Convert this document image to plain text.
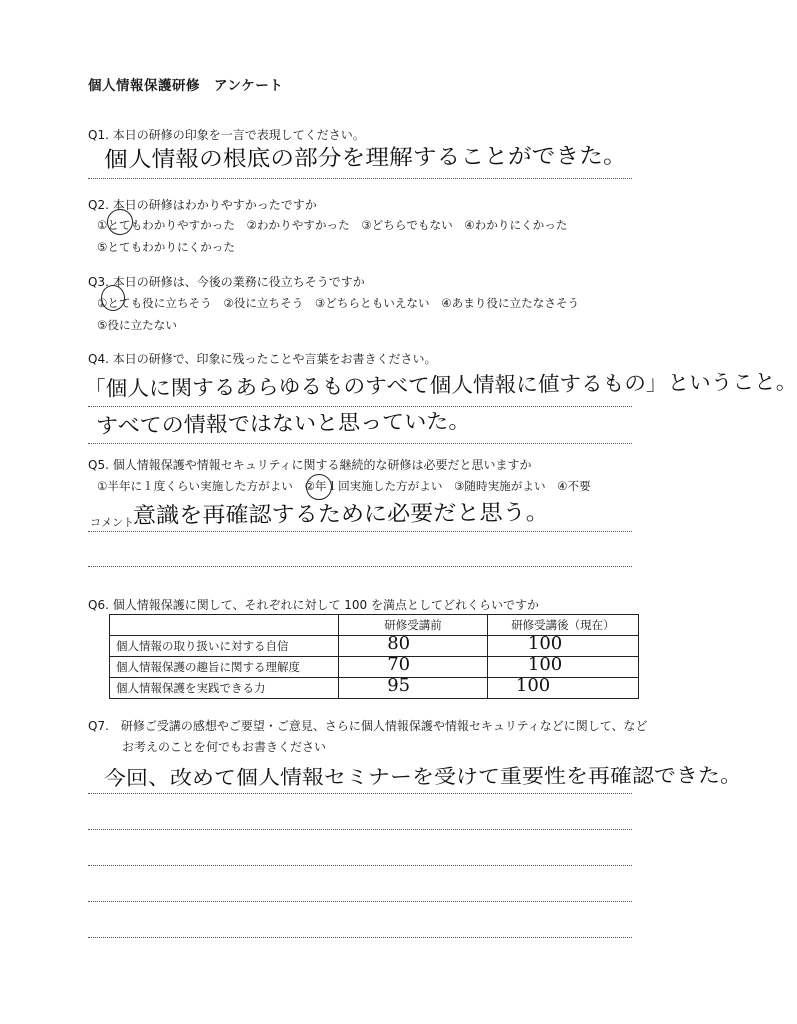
個人情報保護研修　アンケート
Q1. 本日の研修の印象を一言で表現してください。
個人情報の根底の部分を理解することができた。
Q2. 本日の研修はわかりやすかったですか
①とてもわかりやすかった　②わかりやすかった　③どちらでもない　④わかりにくかった
⑤とてもわかりにくかった
Q3. 本日の研修は、今後の業務に役立ちそうですか
①とても役に立ちそう　②役に立ちそう　③どちらともいえない　④あまり役に立たなさそう
⑤役に立たない
Q4. 本日の研修で、印象に残ったことや言葉をお書きください。
「個人に関するあらゆるものすべて個人情報に値するもの」ということ。
すべての情報ではないと思っていた。
Q5. 個人情報保護や情報セキュリティに関する継続的な研修は必要だと思いますか
①半年に１度くらい実施した方がよい　②年１回実施した方がよい　③随時実施がよい　④不要
コメント
意識を再確認するために必要だと思う。
Q6. 個人情報保護に関して、それぞれに対して 100 を満点としてどれくらいですか
	研修受講前	研修受講後（現在）
個人情報の取り扱いに対する自信	80	100

個人情報保護の趣旨に関する理解度	70	100

個人情報保護を実践できる力	95	100
Q7.　研修ご受講の感想やご要望・ご意見、さらに個人情報保護や情報セキュリティなどに関して、など
お考えのことを何でもお書きください
今回、改めて個人情報セミナーを受けて重要性を再確認できた。
